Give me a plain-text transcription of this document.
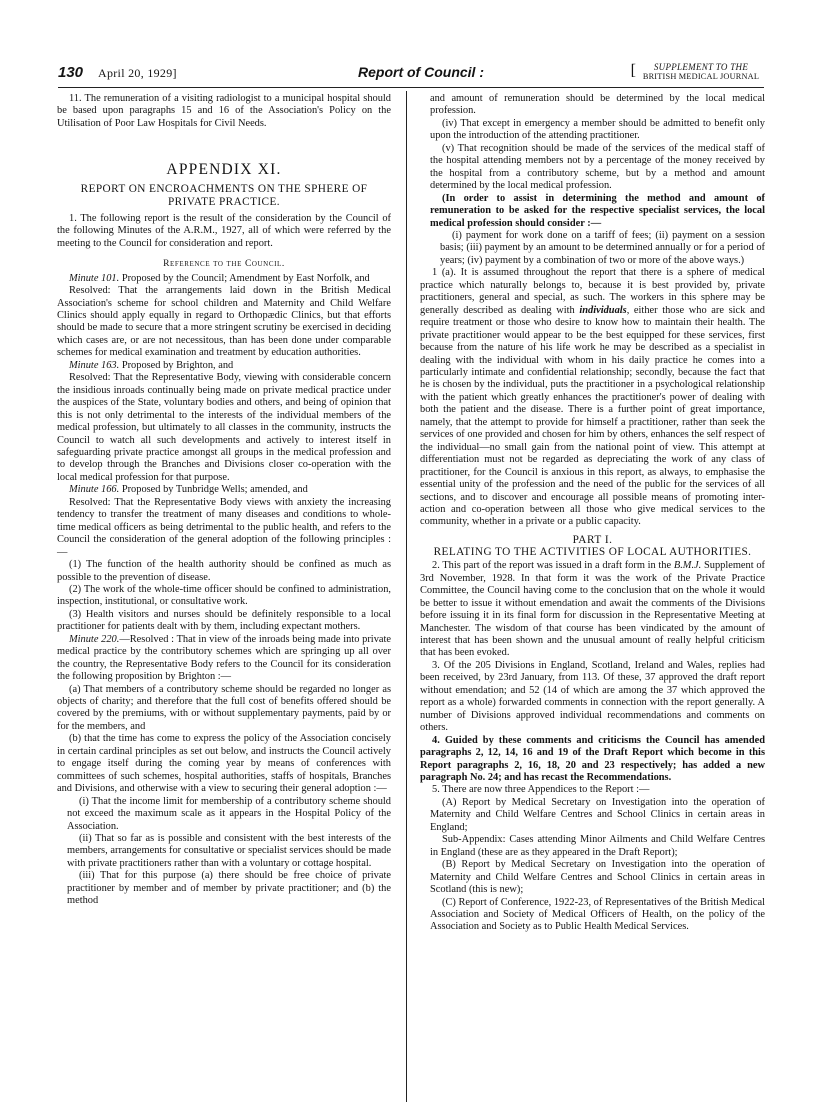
130 April 20, 1929]	Report of Council :	[	SUPPLEMENT TO THE
BRITISH MEDICAL JOURNAL

11. The remuneration of a visiting radiologist to a municipal hospital should be based upon paragraphs 15 and 16 of the Association's Policy on the Utilisation of Poor Law Hospitals for Civil Needs.

APPENDIX XI.

REPORT ON ENCROACHMENTS ON THE SPHERE OF PRIVATE PRACTICE.

1. The following report is the result of the consideration by the Council of the following Minutes of the A.R.M., 1927, all of which were referred by the meeting to the Council for consideration and report.

Reference to the Council.

Minute 101. Proposed by the Council; Amendment by East Norfolk, and

Resolved: That the arrangements laid down in the British Medical Association's scheme for school children and Maternity and Child Welfare Clinics should apply equally in regard to Orthopædic Clinics, but that efforts should be made to secure that a more stringent scrutiny be exercised in deciding which cases are, or are not necessitous, than has been done under comparable schemes for medical examination and treatment by education authorities.

Minute 163. Proposed by Brighton, and

Resolved: That the Representative Body, viewing with considerable concern the insidious inroads continually being made on private medical practice under the auspices of the State, voluntary bodies and others, and being of opinion that this is not only detrimental to the interests of the individual members of the medical profession, but ultimately to all classes in the community, instructs the Council to watch all such developments and actively to interest itself in safeguarding private practice amongst all groups in the medical profession and to develop through the Branches and Divisions closer co-operation with the local medical profession for that purpose.

Minute 166. Proposed by Tunbridge Wells; amended, and

Resolved: That the Representative Body views with anxiety the increasing tendency to transfer the treatment of many diseases and conditions to whole-time medical officers as being detrimental to the public health, and refers to the Council the consideration of the general adoption of the following principles :—

(1) The function of the health authority should be confined as much as possible to the prevention of disease.

(2) The work of the whole-time officer should be confined to administration, inspection, institutional, or consultative work.

(3) Health visitors and nurses should be definitely responsible to a local practitioner for patients dealt with by them, including expectant mothers.

Minute 220.—Resolved : That in view of the inroads being made into private medical practice by the contributory schemes which are springing up all over the country, the Representative Body refers to the Council for its consideration the following proposition by Brighton :—

(a) That members of a contributory scheme should be regarded no longer as objects of charity; and therefore that the full cost of benefits offered should be covered by the premiums, with or without supplementary payments, paid by or for the members, and

(b) that the time has come to express the policy of the Association concisely in certain cardinal principles as set out below, and instructs the Council actively to engage itself during the coming year by means of conferences with committees of such schemes, hospital authorities, staffs of hospitals, Branches and Divisions, and otherwise with a view to securing their general adoption :—

(i) That the income limit for membership of a contributory scheme should not exceed the maximum scale as it appears in the Hospital Policy of the Association.

(ii) That so far as is possible and consistent with the best interests of the members, arrangements for consultative or specialist services should be made with private practitioners rather than with a voluntary or cottage hospital.

(iii) That for this purpose (a) there should be free choice of private practitioner by member and of member by private practitioner; and (b) the method

and amount of remuneration should be determined by the local medical profession.

(iv) That except in emergency a member should be admitted to benefit only upon the introduction of the attending practitioner.

(v) That recognition should be made of the services of the medical staff of the hospital attending members not by a percentage of the money received by the hospital from a contributory scheme, but by a method and amount determined by the local medical profession.

(In order to assist in determining the method and amount of remuneration to be asked for the respective specialist services, the local medical profession should consider :—

(i) payment for work done on a tariff of fees; (ii) payment on a session basis; (iii) payment by an amount to be determined annually or for a period of years; (iv) payment by a combination of two or more of the above ways.)

1 (a). It is assumed throughout the report that there is a sphere of medical practice which naturally belongs to, because it is best provided by, private practitioners, general and special, as such. The workers in this sphere may be generally described as dealing with individuals, either those who are sick and require treatment or those who desire to know how to maintain their health. The private practitioner would appear to be the best equipped for these services, first because from the nature of his life work he may be described as a specialist in dealing with the individual with whom in his daily practice he comes into a particularly intimate and confidential relationship; secondly, because the fact that he is chosen by the individual, puts the practitioner in a psychological relationship with the patient which greatly enhances the practitioner's power of dealing with both the patient and the disease. There is a further point of great importance, namely, that the attempt to provide for himself a practitioner, rather than seek the services of one provided and chosen for him by others, enhances the self respect of the individual—no small gain from the national point of view. This attempt at differentiation must not be regarded as depreciating the work of any class of practitioner, for the Council is anxious in this report, as always, to emphasise the essential unity of the profession and the need of the public for the services of all sections, and to discover and encourage all possible means of promoting inter-action and co-operation between all those who give medical services to the community, whether in a private or a public capacity.

PART I.

RELATING TO THE ACTIVITIES OF LOCAL AUTHORITIES.

2. This part of the report was issued in a draft form in the B.M.J. Supplement of 3rd November, 1928. In that form it was the work of the Private Practice Committee, the Council having come to the conclusion that on the whole it would be better to issue it without emendation and await the comments of the Divisions before issuing it in its final form for discussion in the Representative Meeting at Manchester. The wisdom of that course has been vindicated by the amount of interest that has been shown and the unusual amount of really helpful criticism that has been evoked.

3. Of the 205 Divisions in England, Scotland, Ireland and Wales, replies had been received, by 23rd January, from 113. Of these, 37 approved the draft report without emendation; and 52 (14 of which are among the 37 which approved the report as a whole) forwarded comments in connection with the report generally. A number of Divisions approved individual recommendations and comments on others.

4. Guided by these comments and criticisms the Council has amended paragraphs 2, 12, 14, 16 and 19 of the Draft Report which become in this Report paragraphs 2, 16, 18, 20 and 23 respectively; has added a new paragraph No. 24; and has recast the Recommendations.

5. There are now three Appendices to the Report :—

(A) Report by Medical Secretary on Investigation into the operation of Maternity and Child Welfare Centres and School Clinics in certain areas in England;

Sub-Appendix: Cases attending Minor Ailments and Child Welfare Centres in England (these are as they appeared in the Draft Report);

(B) Report by Medical Secretary on Investigation into the operation of Maternity and Child Welfare Centres and School Clinics in certain areas in Scotland (this is new);

(C) Report of Conference, 1922-23, of Representatives of the British Medical Association and Society of Medical Officers of Health, on the policy of the Association and Society as to Public Health Medical Services.
